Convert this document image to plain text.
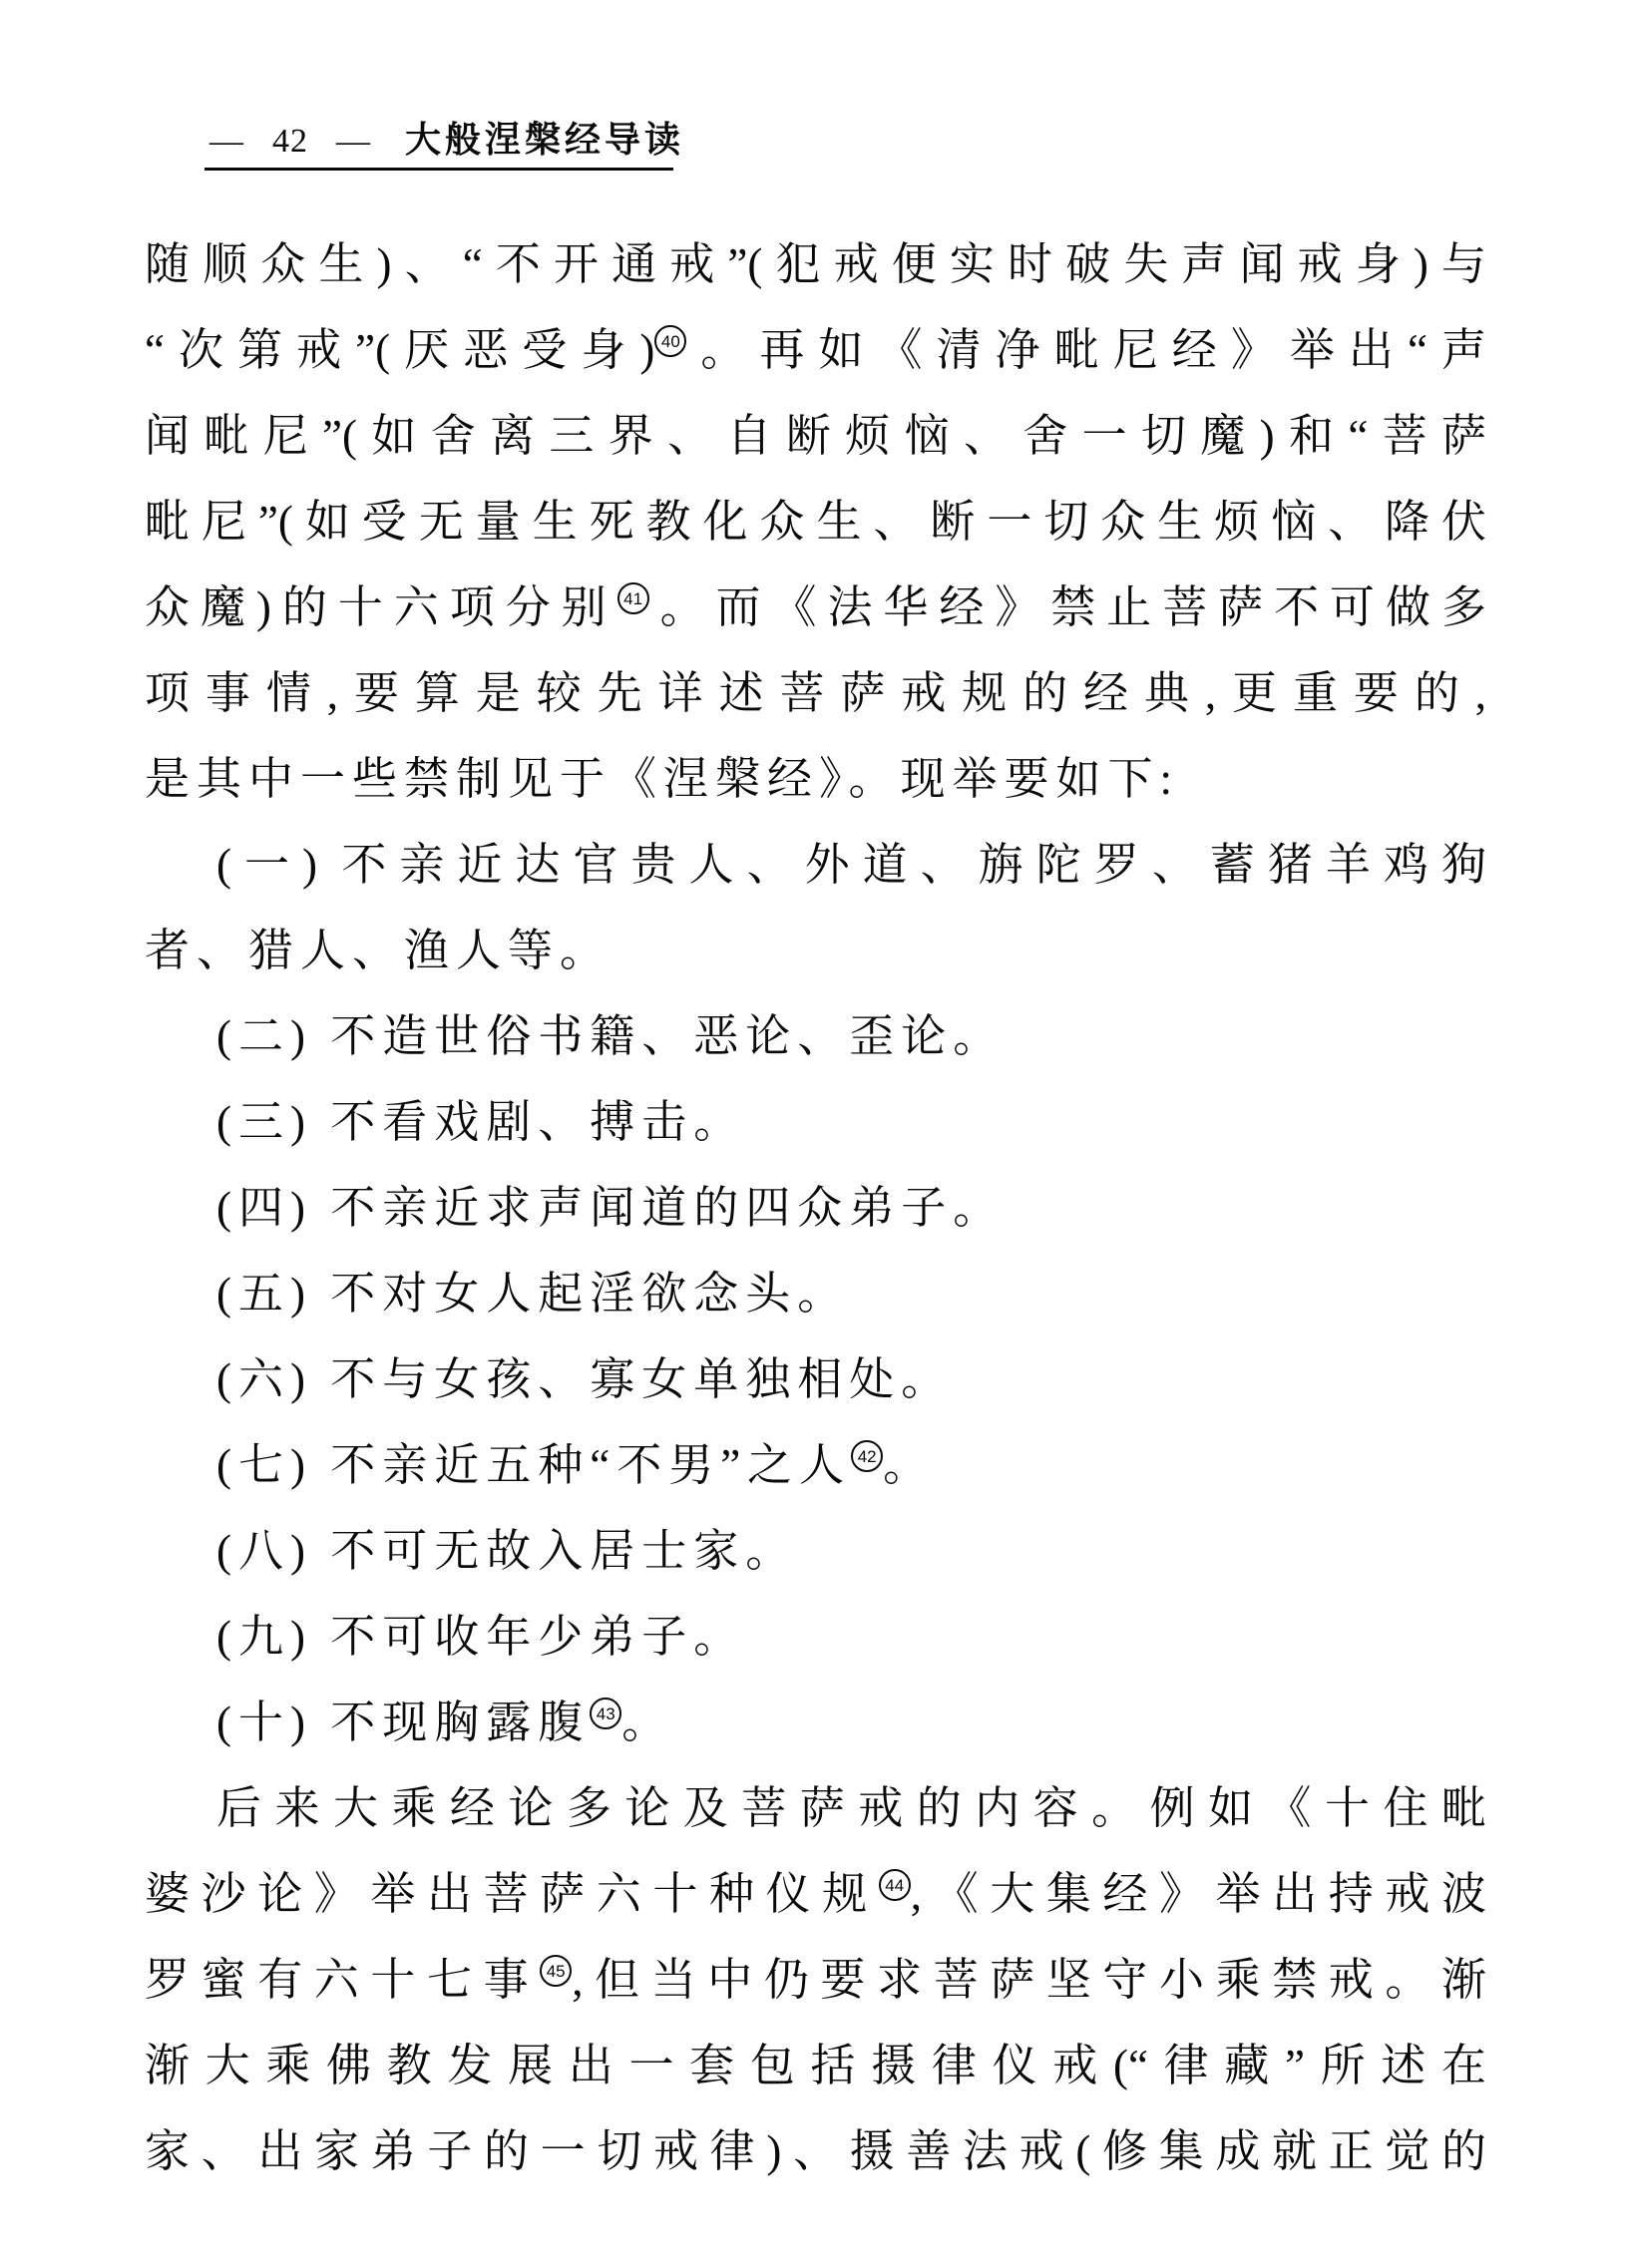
— 42 — 大般涅槃经导读
随顺众生)、“不开通戒”(犯戒便实时破失声闻戒身)与
“次第戒”(厌恶受身) 40 。再如《清净毗尼经》举出“声
闻毗尼”(如舍离三界、自断烦恼、舍一切魔)和“菩萨
毗尼”(如受无量生死教化众生、断一切众生烦恼、降伏
众魔)的十六项分别 41 。而《法华经》禁止菩萨不可做多
项事情,要算是较先详述菩萨戒规的经典,更重要的,
是其中一些禁制见于《涅槃经》。现举要如下:
(一) 不亲近达官贵人、外道、旃陀罗、蓄猪羊鸡狗
者、猎人、渔人等。
(二) 不造世俗书籍、恶论、歪论。
(三) 不看戏剧、搏击。
(四) 不亲近求声闻道的四众弟子。
(五) 不对女人起淫欲念头。
(六) 不与女孩、寡女单独相处。
(七) 不亲近五种“不男”之人 42 。
(八) 不可无故入居士家。
(九) 不可收年少弟子。
(十) 不现胸露腹 43 。
后来大乘经论多论及菩萨戒的内容。例如《十住毗
婆沙论》举出菩萨六十种仪规 44 ,《大集经》举出持戒波
罗蜜有六十七事 45 ,但当中仍要求菩萨坚守小乘禁戒。渐
渐大乘佛教发展出一套包括摄律仪戒(“律藏”所述在
家、出家弟子的一切戒律)、摄善法戒(修集成就正觉的
